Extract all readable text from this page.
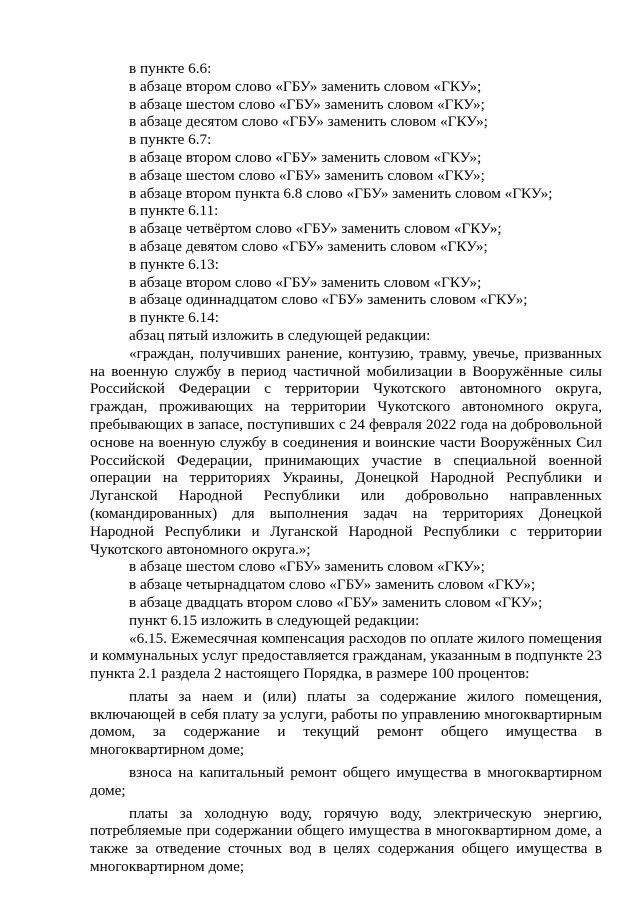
в пункте 6.6:

в абзаце втором слово «ГБУ» заменить словом «ГКУ»;

в абзаце шестом слово «ГБУ» заменить словом «ГКУ»;

в абзаце десятом слово «ГБУ» заменить словом «ГКУ»;

в пункте 6.7:

в абзаце втором слово «ГБУ» заменить словом «ГКУ»;

в абзаце шестом слово «ГБУ» заменить словом «ГКУ»;

в абзаце втором пункта 6.8 слово «ГБУ» заменить словом «ГКУ»;

в пункте 6.11:

в абзаце четвёртом слово «ГБУ» заменить словом «ГКУ»;

в абзаце девятом слово «ГБУ» заменить словом «ГКУ»;

в пункте 6.13:

в абзаце втором слово «ГБУ» заменить словом «ГКУ»;

в абзаце одиннадцатом слово «ГБУ» заменить словом «ГКУ»;

в пункте 6.14:

абзац пятый изложить в следующей редакции:

«граждан, получивших ранение, контузию, травму, увечье, призванных на военную службу в период частичной мобилизации в Вооружённые силы Российской Федерации с территории Чукотского автономного округа, граждан, проживающих на территории Чукотского автономного округа, пребывающих в запасе, поступивших с 24 февраля 2022 года на добровольной основе на военную службу в соединения и воинские части Вооружённых Сил Российской Федерации, принимающих участие в специальной военной операции на территориях Украины, Донецкой Народной Республики и Луганской Народной Республики или добровольно направленных (командированных) для выполнения задач на территориях Донецкой Народной Республики и Луганской Народной Республики с территории Чукотского автономного округа.»;

в абзаце шестом слово «ГБУ» заменить словом «ГКУ»;

в абзаце четырнадцатом слово «ГБУ» заменить словом «ГКУ»;

в абзаце двадцать втором слово «ГБУ» заменить словом «ГКУ»;

пункт 6.15 изложить в следующей редакции:

«6.15. Ежемесячная компенсация расходов по оплате жилого помещения и коммунальных услуг предоставляется гражданам, указанным в подпункте 23 пункта 2.1 раздела 2 настоящего Порядка, в размере 100 процентов:

платы за наем и (или) платы за содержание жилого помещения, включающей в себя плату за услуги, работы по управлению многоквартирным домом, за содержание и текущий ремонт общего имущества в многоквартирном доме;

взноса на капитальный ремонт общего имущества в многоквартирном доме;

платы за холодную воду, горячую воду, электрическую энергию, потребляемые при содержании общего имущества в многоквартирном доме, а также за отведение сточных вод в целях содержания общего имущества в многоквартирном доме;
